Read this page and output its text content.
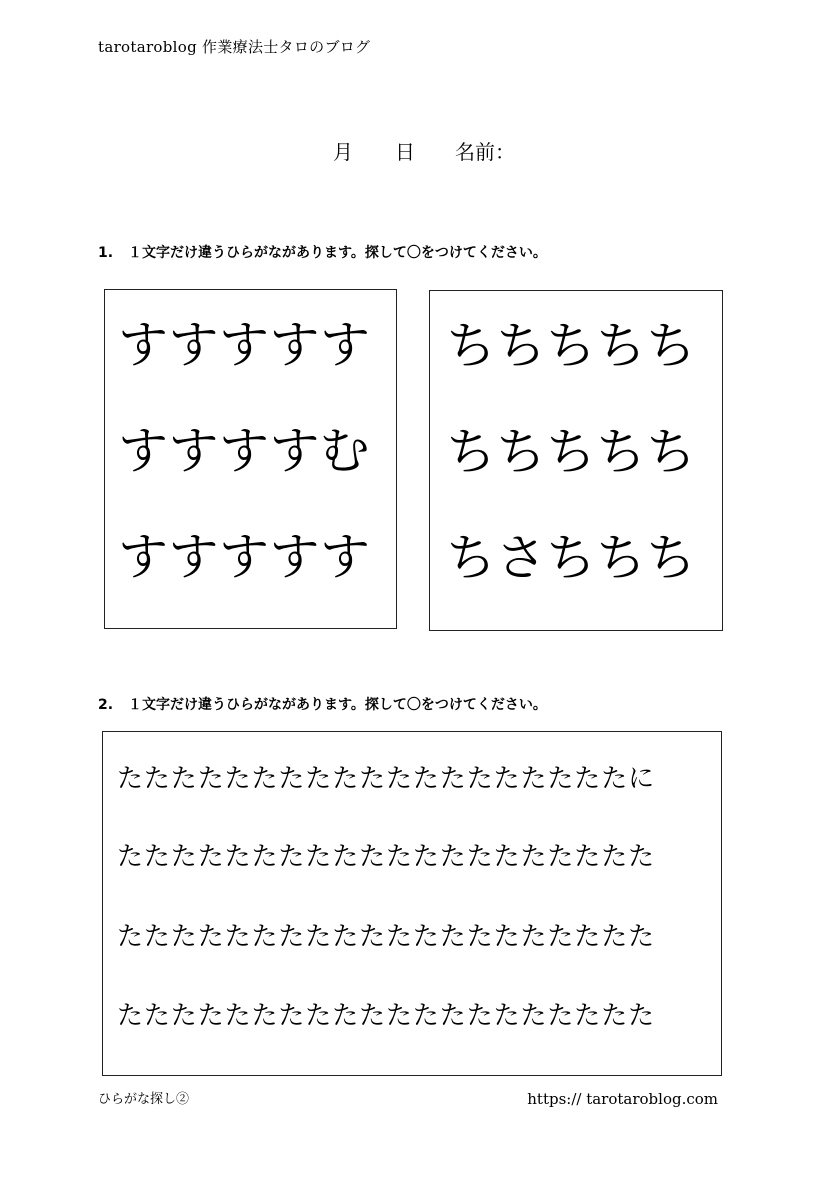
tarotaroblog 作業療法士タロのブログ
月 日 名前：
1. １文字だけ違うひらがながあります。探して〇をつけてください。
すすすすす
すすすすむ
すすすすす
ちちちちち
ちちちちち
ちさちちち
2. １文字だけ違うひらがながあります。探して〇をつけてください。
たたたたたたたたたたたたたたたたたたたに
たたたたたたたたたたたたたたたたたたたた
たたたたたたたたたたたたたたたたたたたた
たたたたたたたたたたたたたたたたたたたた
ひらがな探し②	https:// tarotaroblog.com
